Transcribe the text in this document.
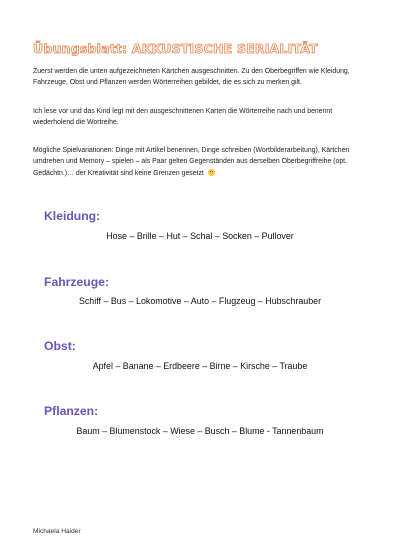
Übungsblatt: AKKUSTISCHE SERIALITÄT

Zuerst werden die unten aufgezeichneten Kärtchen ausgeschnitten. Zu den Oberbegriffen wie Kleidung, Fahrzeuge, Obst und Pflanzen werden Wörterreihen gebildet, die es sich zu merken gilt.

Ich lese vor und das Kind legt mit den ausgeschnittenen Karten die Wörterreihe nach und benennt wiederholend die Wortreihe.

Mögliche Spielvariationen: Dinge mit Artikel benennen, Dinge schreiben (Wortbilderarbeitung), Kärtchen umdrehen und Memory – spielen – als Paar gelten Gegenständen aus derselben Oberbegriffreihe (opt. Gedächtn.)… der Kreativität sind keine Grenzen gesetzt

Kleidung:
Hose – Brille – Hut – Schal – Socken – Pullover
Fahrzeuge:
Schiff – Bus – Lokomotive – Auto – Flugzeug – Hubschrauber
Obst:
Apfel – Banane – Erdbeere – Birne – Kirsche – Traube
Pflanzen:
Baum – Blumenstock – Wiese – Busch – Blume - Tannenbaum
Michaela Haider
